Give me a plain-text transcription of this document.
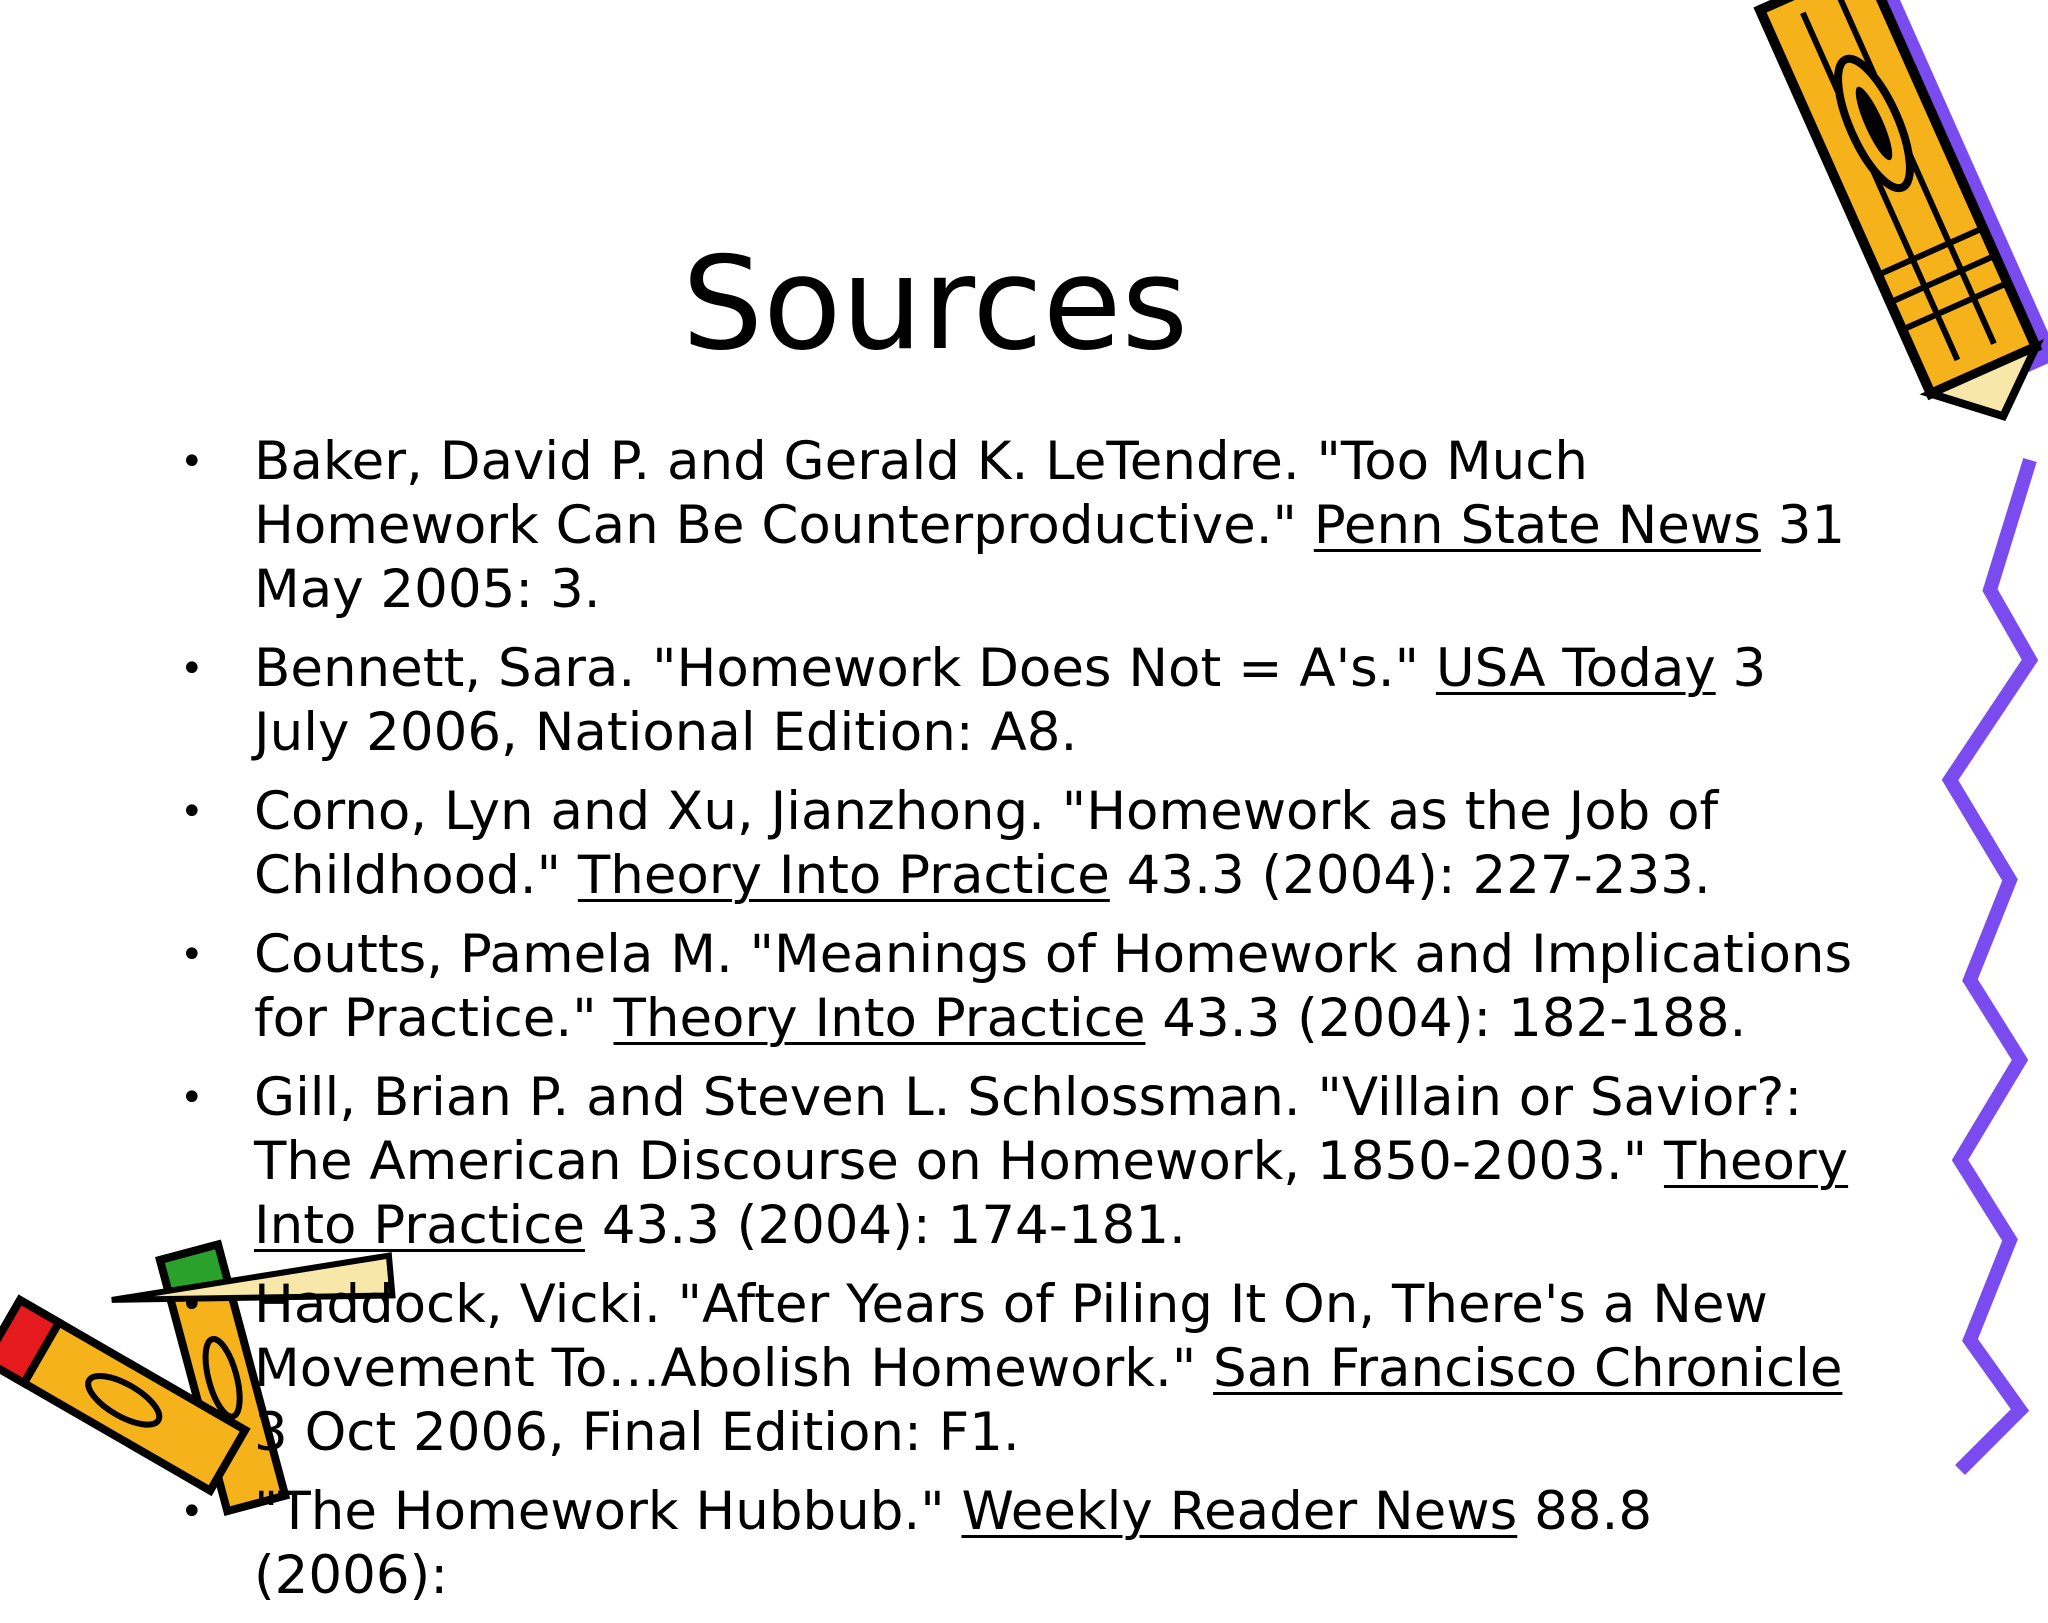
Sources
• Baker, David P. and Gerald K. LeTendre. "Too Much Homework Can Be Counterproductive." Penn State News 31 May 2005: 3.
• Bennett, Sara. "Homework Does Not = A's." USA Today 3 July 2006, National Edition: A8.
• Corno, Lyn and Xu, Jianzhong. "Homework as the Job of Childhood." Theory Into Practice 43.3 (2004): 227-233.
• Coutts, Pamela M. "Meanings of Homework and Implications for Practice." Theory Into Practice 43.3 (2004): 182-188.
• Gill, Brian P. and Steven L. Schlossman. "Villain or Savior?: The American Discourse on Homework, 1850-2003." Theory Into Practice 43.3 (2004): 174-181.
• Haddock, Vicki. "After Years of Piling It On, There's a New Movement To…Abolish Homework." San Francisco Chronicle 3 Oct 2006, Final Edition: F1.
• "The Homework Hubbub." Weekly Reader News 88.8 (2006):
